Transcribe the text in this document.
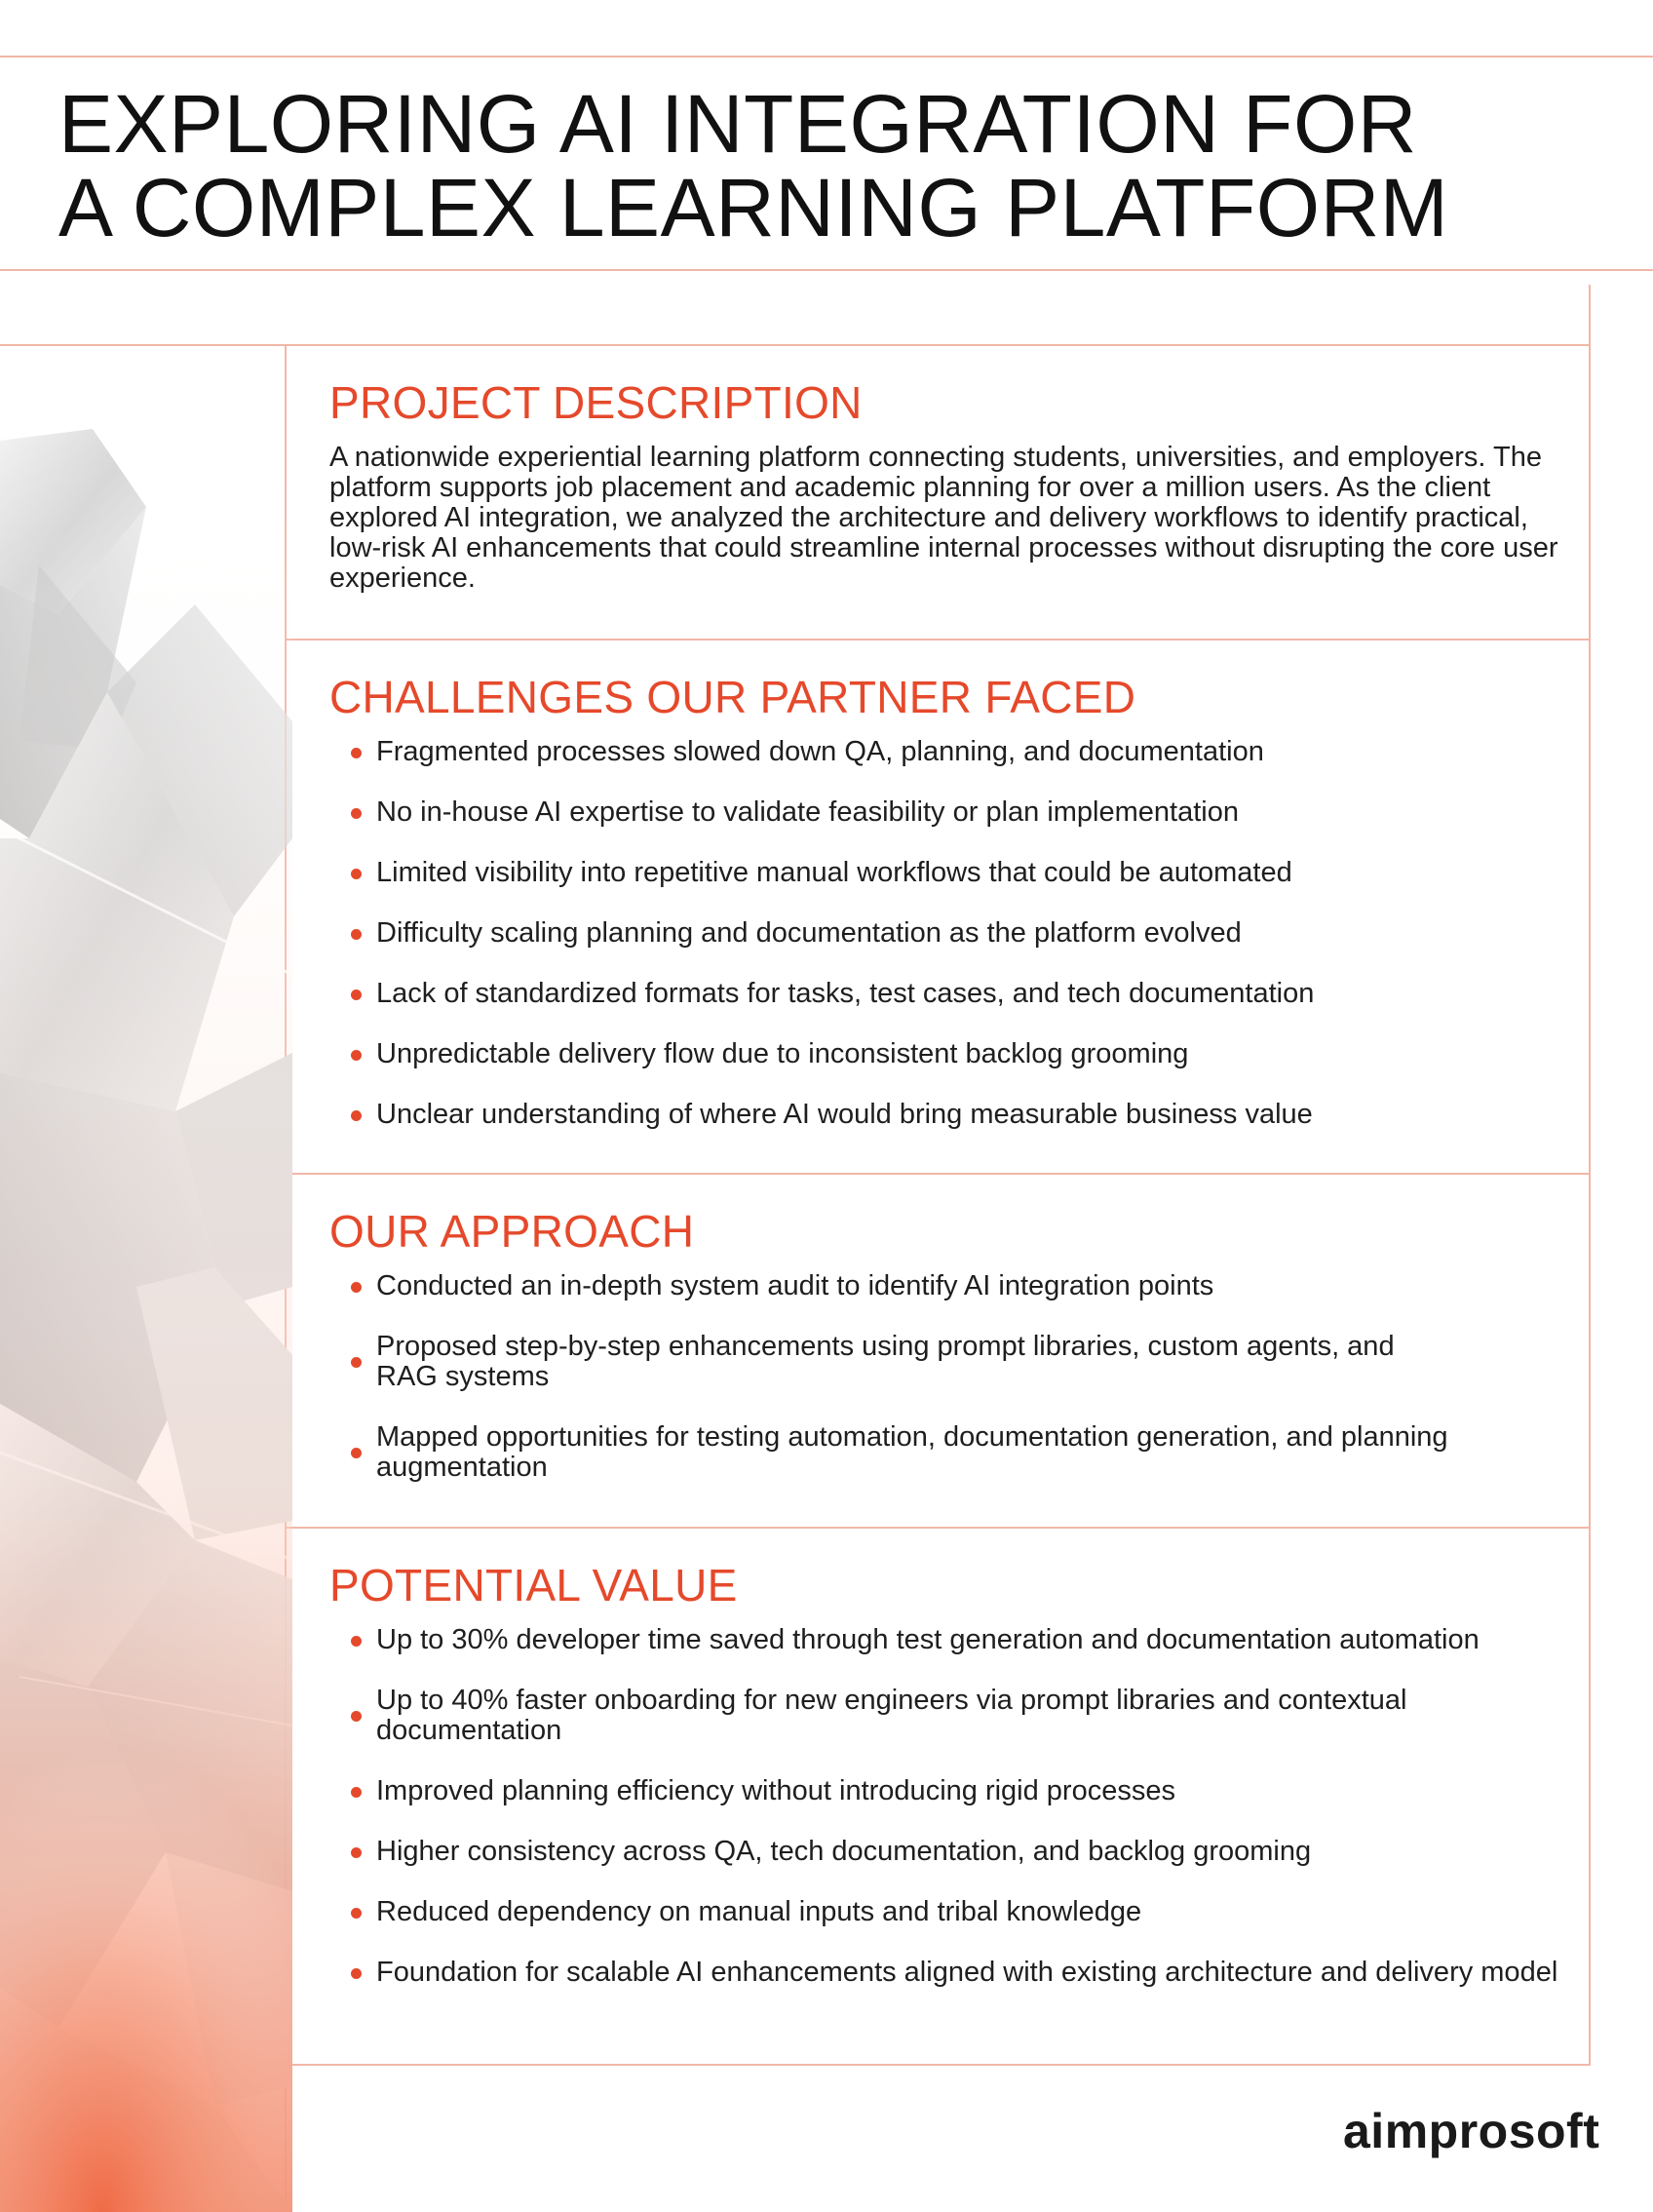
EXPLORING AI INTEGRATION FOR
A COMPLEX LEARNING PLATFORM
PROJECT DESCRIPTION

A nationwide experiential learning platform connecting students, universities, and employers. The platform supports job placement and academic planning for over a million users. As the client explored AI integration, we analyzed the architecture and delivery workflows to identify practical, low-risk AI enhancements that could streamline internal processes without disrupting the core user experience.

CHALLENGES OUR PARTNER FACED
Fragmented processes slowed down QA, planning, and documentation
No in-house AI expertise to validate feasibility or plan implementation
Limited visibility into repetitive manual workflows that could be automated
Difficulty scaling planning and documentation as the platform evolved
Lack of standardized formats for tasks, test cases, and tech documentation
Unpredictable delivery flow due to inconsistent backlog grooming
Unclear understanding of where AI would bring measurable business value
OUR APPROACH
Conducted an in-depth system audit to identify AI integration points
Proposed step-by-step enhancements using prompt libraries, custom agents, and RAG systems
Mapped opportunities for testing automation, documentation generation, and planning augmentation
POTENTIAL VALUE
Up to 30% developer time saved through test generation and documentation automation
Up to 40% faster onboarding for new engineers via prompt libraries and contextual documentation
Improved planning efficiency without introducing rigid processes
Higher consistency across QA, tech documentation, and backlog grooming
Reduced dependency on manual inputs and tribal knowledge
Foundation for scalable AI enhancements aligned with existing architecture and delivery model
aimprosoft
